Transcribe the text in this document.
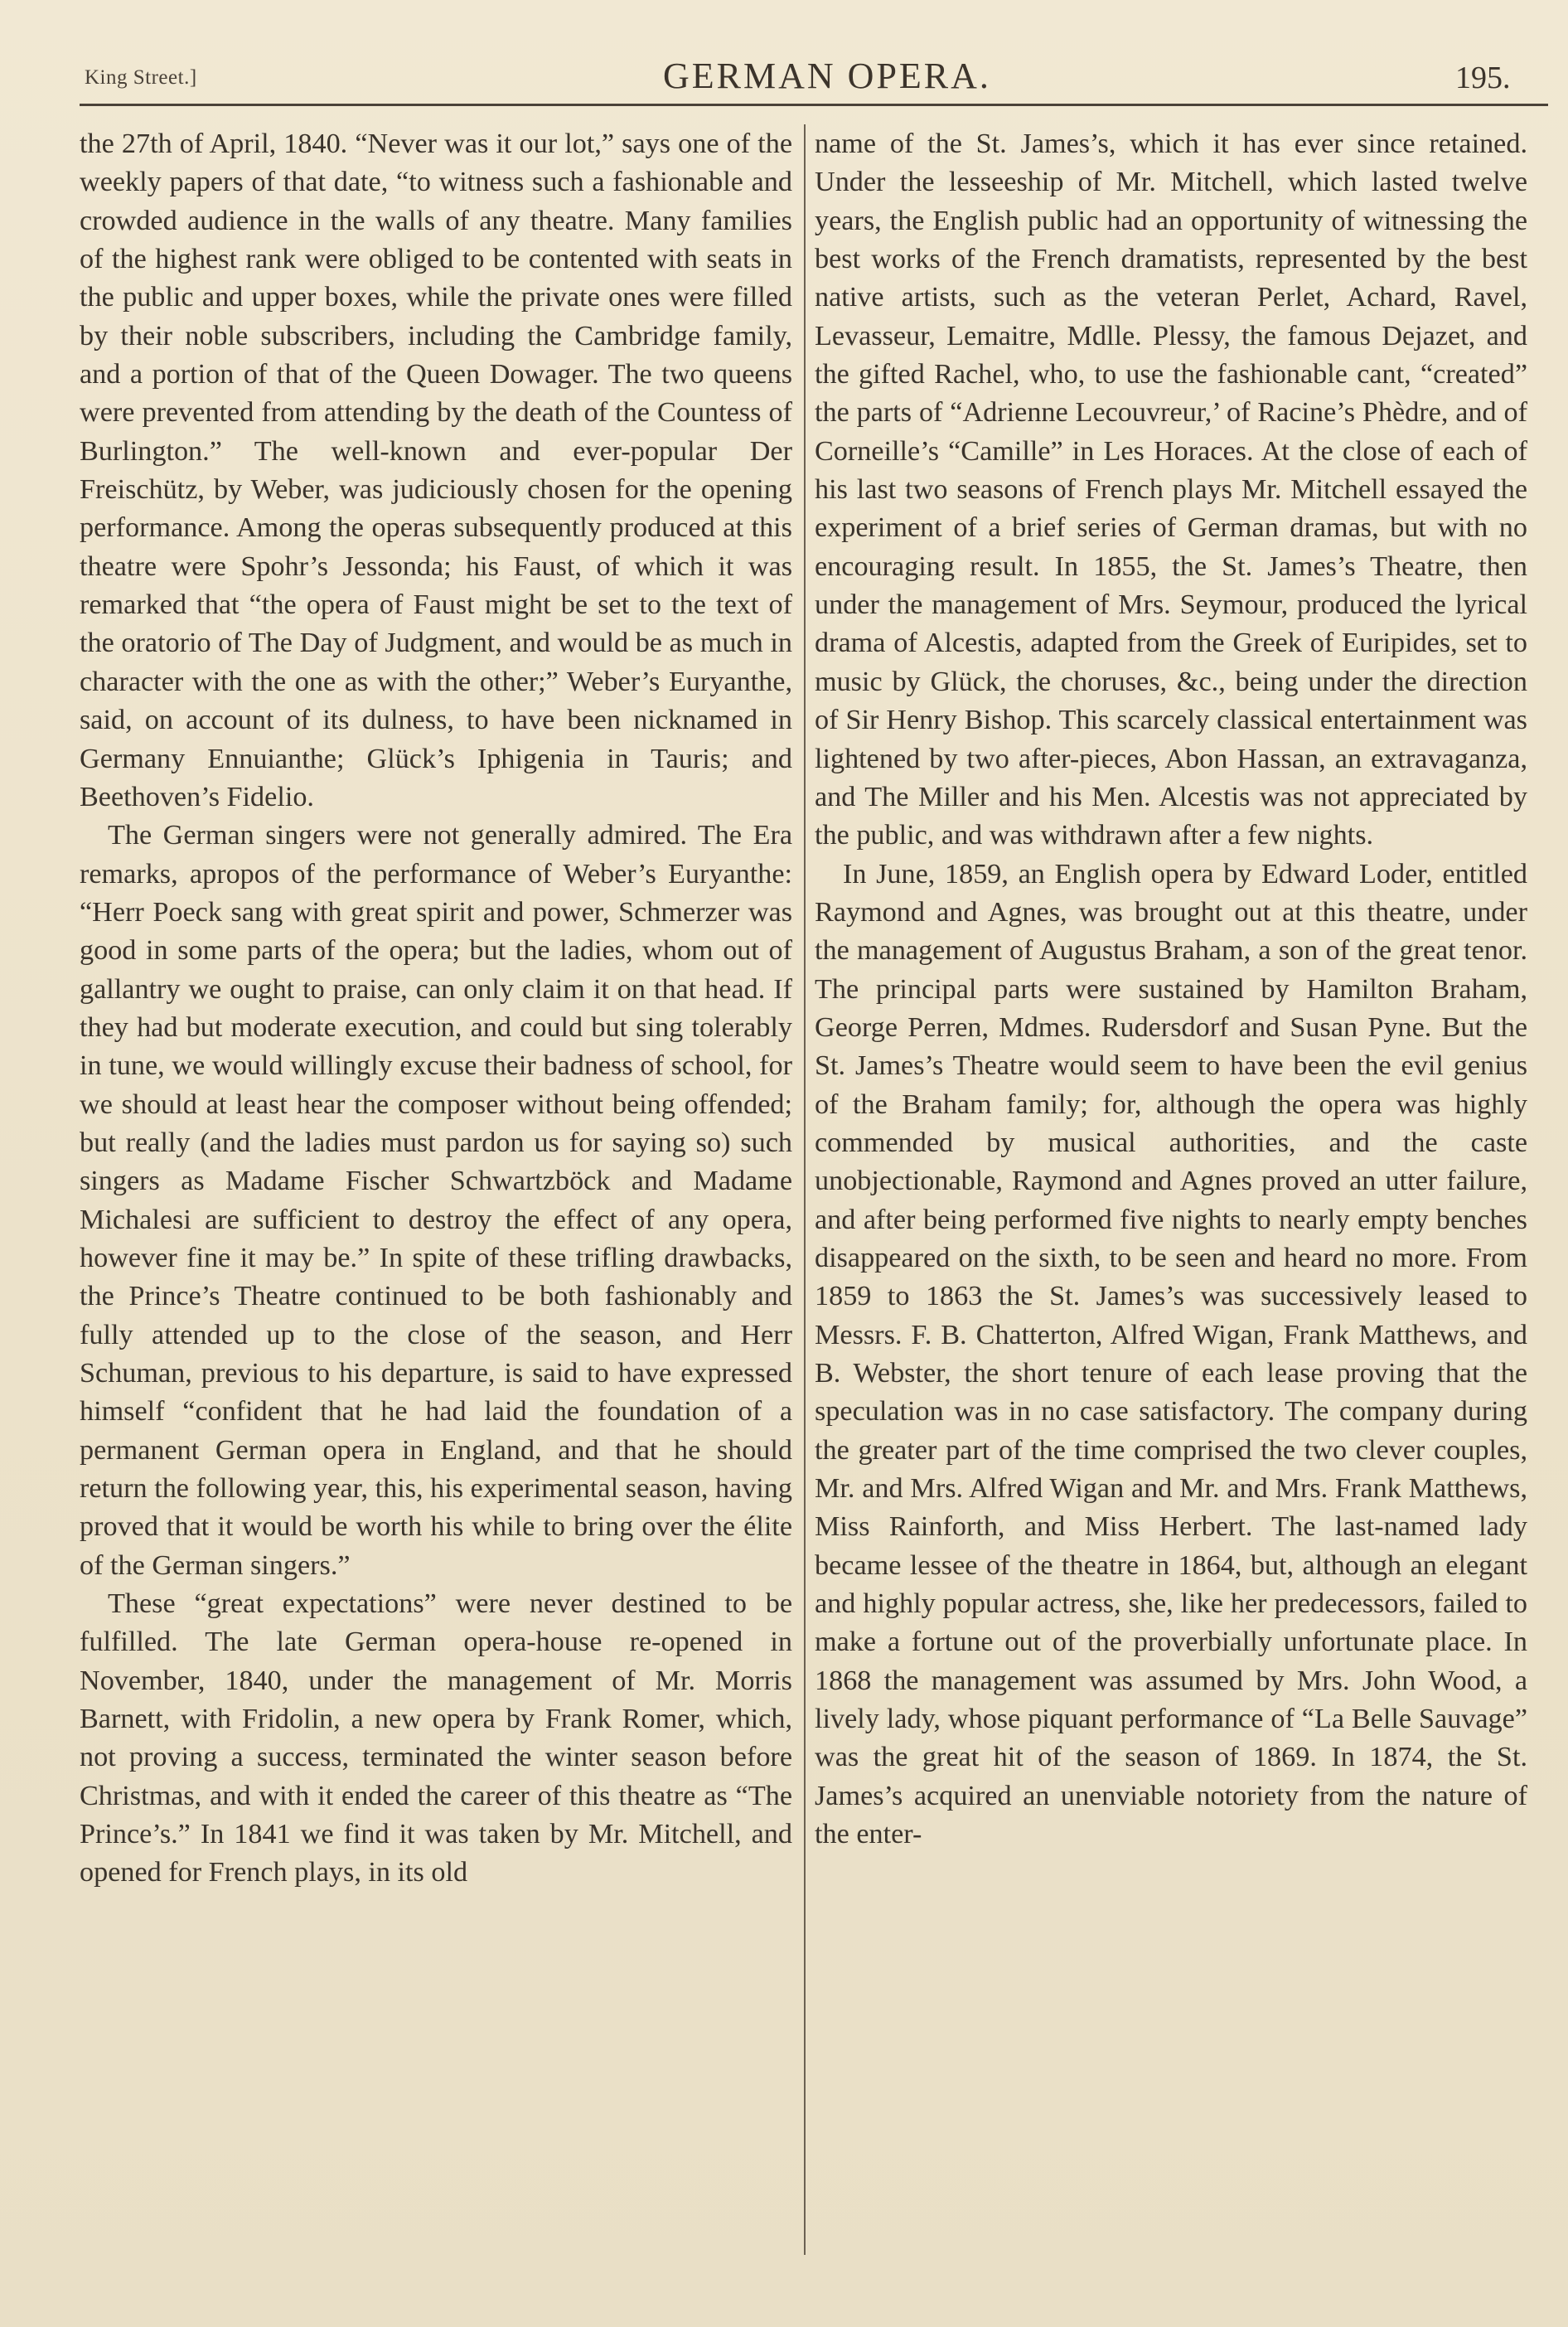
King Street.]	GERMAN OPERA.	195.

the 27th of April, 1840. “Never was it our lot,” says one of the weekly papers of that date, “to witness such a fashionable and crowded audience in the walls of any theatre. Many families of the highest rank were obliged to be contented with seats in the public and upper boxes, while the private ones were filled by their noble subscribers, including the Cambridge family, and a portion of that of the Queen Dowager. The two queens were prevented from attending by the death of the Countess of Burlington.” The well-known and ever-popular Der Freischütz, by Weber, was judiciously chosen for the opening performance. Among the operas subsequently produced at this theatre were Spohr’s Jessonda; his Faust, of which it was remarked that “the opera of Faust might be set to the text of the oratorio of The Day of Judgment, and would be as much in character with the one as with the other;” Weber’s Euryanthe, said, on account of its dulness, to have been nicknamed in Germany Ennuianthe; Glück’s Iphigenia in Tauris; and Beethoven’s Fidelio.

The German singers were not generally admired. The Era remarks, apropos of the performance of Weber’s Euryanthe: “Herr Poeck sang with great spirit and power, Schmerzer was good in some parts of the opera; but the ladies, whom out of gallantry we ought to praise, can only claim it on that head. If they had but moderate execution, and could but sing tolerably in tune, we would willingly excuse their badness of school, for we should at least hear the composer without being offended; but really (and the ladies must pardon us for saying so) such singers as Madame Fischer Schwartzböck and Madame Michalesi are sufficient to destroy the effect of any opera, however fine it may be.” In spite of these trifling drawbacks, the Prince’s Theatre continued to be both fashionably and fully attended up to the close of the season, and Herr Schuman, previous to his departure, is said to have expressed himself “confident that he had laid the foundation of a permanent German opera in England, and that he should return the following year, this, his experimental season, having proved that it would be worth his while to bring over the élite of the German singers.”

These “great expectations” were never destined to be fulfilled. The late German opera-house re-opened in November, 1840, under the management of Mr. Morris Barnett, with Fridolin, a new opera by Frank Romer, which, not proving a success, terminated the winter season before Christmas, and with it ended the career of this theatre as “The Prince’s.” In 1841 we find it was taken by Mr. Mitchell, and opened for French plays, in its old

name of the St. James’s, which it has ever since retained. Under the lesseeship of Mr. Mitchell, which lasted twelve years, the English public had an opportunity of witnessing the best works of the French dramatists, represented by the best native artists, such as the veteran Perlet, Achard, Ravel, Levasseur, Lemaitre, Mdlle. Plessy, the famous Dejazet, and the gifted Rachel, who, to use the fashionable cant, “created” the parts of “Adrienne Lecouvreur,’ of Racine’s Phèdre, and of Corneille’s “Camille” in Les Horaces. At the close of each of his last two seasons of French plays Mr. Mitchell essayed the experiment of a brief series of German dramas, but with no encouraging result. In 1855, the St. James’s Theatre, then under the management of Mrs. Seymour, produced the lyrical drama of Alcestis, adapted from the Greek of Euripides, set to music by Glück, the choruses, &c., being under the direction of Sir Henry Bishop. This scarcely classical entertainment was lightened by two after-pieces, Abon Hassan, an extravaganza, and The Miller and his Men. Alcestis was not appreciated by the public, and was withdrawn after a few nights.

In June, 1859, an English opera by Edward Loder, entitled Raymond and Agnes, was brought out at this theatre, under the management of Augustus Braham, a son of the great tenor. The principal parts were sustained by Hamilton Braham, George Perren, Mdmes. Rudersdorf and Susan Pyne. But the St. James’s Theatre would seem to have been the evil genius of the Braham family; for, although the opera was highly commended by musical authorities, and the caste unobjectionable, Raymond and Agnes proved an utter failure, and after being performed five nights to nearly empty benches disappeared on the sixth, to be seen and heard no more. From 1859 to 1863 the St. James’s was successively leased to Messrs. F. B. Chatterton, Alfred Wigan, Frank Matthews, and B. Webster, the short tenure of each lease proving that the speculation was in no case satisfactory. The company during the greater part of the time comprised the two clever couples, Mr. and Mrs. Alfred Wigan and Mr. and Mrs. Frank Matthews, Miss Rainforth, and Miss Herbert. The last-named lady became lessee of the theatre in 1864, but, although an elegant and highly popular actress, she, like her predecessors, failed to make a fortune out of the proverbially unfortunate place. In 1868 the management was assumed by Mrs. John Wood, a lively lady, whose piquant performance of “La Belle Sauvage” was the great hit of the season of 1869. In 1874, the St. James’s acquired an unenviable notoriety from the nature of the enter-
